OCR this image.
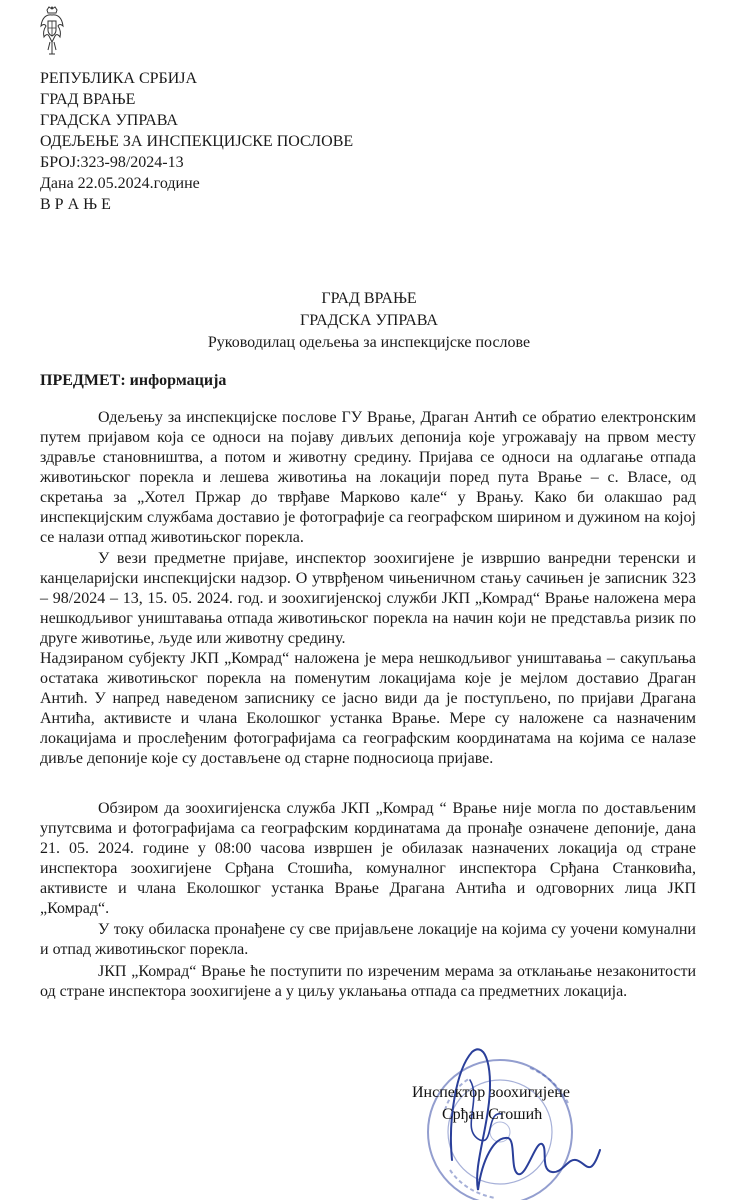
РЕПУБЛИКА СРБИЈА
ГРАД ВРАЊЕ
ГРАДСКА УПРАВА
ОДЕЉЕЊЕ ЗА ИНСПЕКЦИЈСКЕ ПОСЛОВЕ
БРОЈ:323-98/2024-13
Дана 22.05.2024.године
В Р А Њ Е
ГРАД ВРАЊЕ
ГРАДСКА УПРАВА
Руководилац одељења за инспекцијске послове
ПРЕДМЕТ: информација

Одељењу за инспекцијске послове ГУ Врање, Драган Антић се обратио електронским путем пријавом која се односи на појаву дивљих депонија које угрожавају на првом месту здравље становништва, а потом и животну средину. Пријава се односи на одлагање отпада животињског порекла и лешева животиња на локацији поред пута Врање – с. Власе, од скретања за „Хотел Пржар до тврђаве Марково кале“ у Врању. Како би олакшао рад инспекцијским службама доставио је фотографије са географском ширином и дужином на којој се налази отпад животињског порекла.

У вези предметне пријаве, инспектор зоохигијене је извршио ванредни теренски и канцеларијски инспекцијски надзор. О утврђеном чињеничном стању сачињен је записник 323 – 98/2024 – 13, 15. 05. 2024. год. и зоохигијенској служби ЈКП „Комрад“ Врање наложена мера нешкодљивог уништавања отпада животињског порекла на начин који не представља ризик по друге животиње, људе или животну средину.

Надзираном субјекту ЈКП „Комрад“ наложена је мера нешкодљивог уништавања – сакупљања остатака животињског порекла на поменутим локацијама које је мејлом доставио Драган Антић. У напред наведеном записнику се јасно види да је поступљено, по пријави Драгана Антића, активисте и члана Еколошког устанка Врање. Мере су наложене са назначеним локацијама и прослеђеним фотографијама са географским координатама на којима се налазе дивље депоније које су достављене од старне подносиоца пријаве.

Обзиром да зоохигијенска служба ЈКП „Комрад “ Врање није могла по достављеним упутсвима и фотографијама са географским кординатама да пронађе означене депоније, дана 21. 05. 2024. године у 08:00 часова извршен је обилазак назначених локација од стране инспектора зоохигијене Срђана Стошића, комуналног инспектора Срђана Станковића, активисте и члана Еколошког устанка Врање Драгана Антића и одговорних лица ЈКП „Комрад“.

У току обиласка пронађене су све пријављене локације на којима су уочени комунални и отпад животињског порекла.

ЈКП „Комрад“ Врање ће поступити по изреченим мерама за отклањање незаконитости од стране инспектора зоохигијене а у циљу уклањања отпада са предметних локација.

Инспектор зоохигијене
Срђан Стошић
